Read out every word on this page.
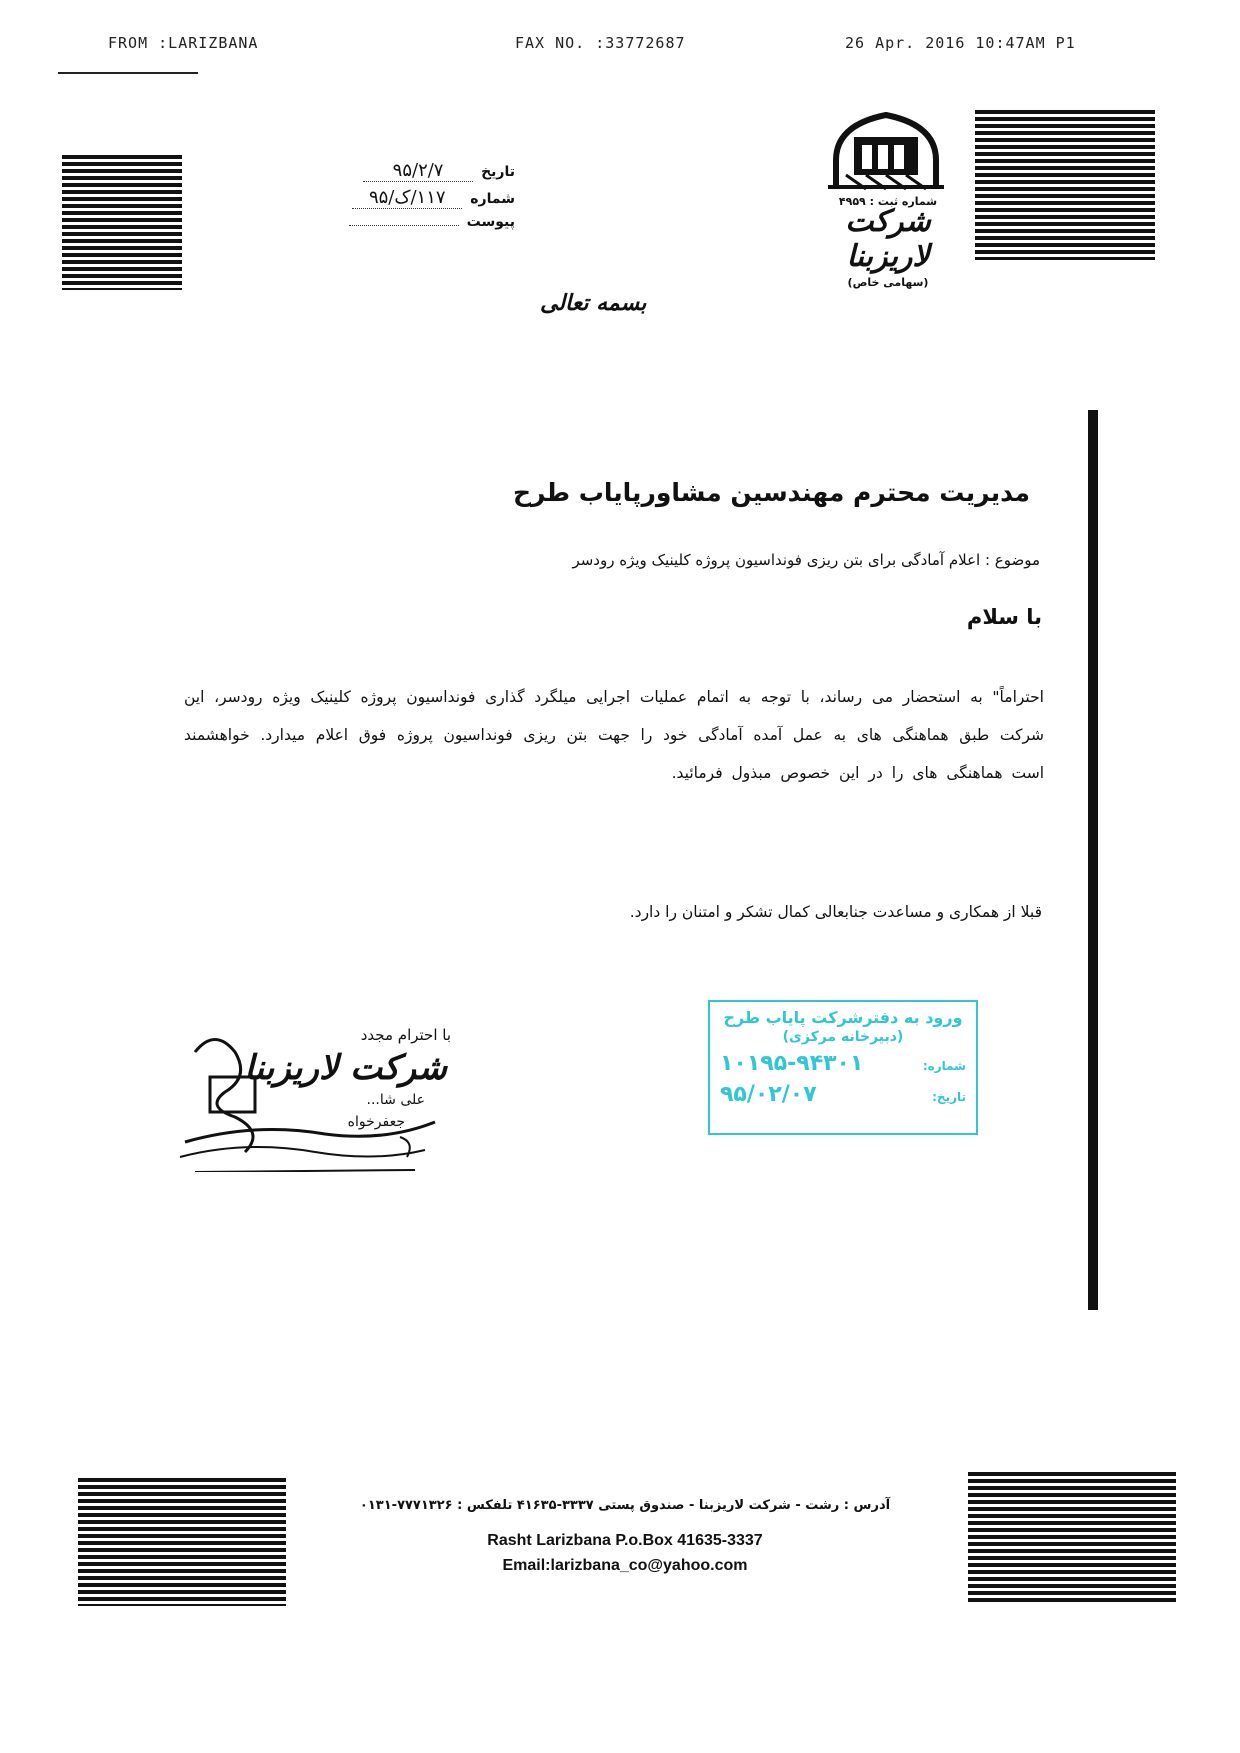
FROM :LARIZBANA	FAX NO. :33772687	26 Apr. 2016 10:47AM P1
تاریخ
۹۵/۲/۷
شماره
۱۱۷/ک/۹۵
پیوست
شماره ثبت : ۴۹۵۹
شرکت لاریزبنا
(سهامی خاص)
بسمه تعالی
مدیریت محترم مهندسین مشاورپایاب طرح
موضوع : اعلام آمادگی برای بتن ریزی فونداسیون پروژه کلینیک ویژه رودسر
با سلام
احتراماً" به استحضار می رساند، با توجه به اتمام عملیات اجرایی میلگرد گذاری فونداسیون پروژه کلینیک ویژه رودسر، این شرکت طبق هماهنگی های به عمل آمده آمادگی خود را جهت بتن ریزی فونداسیون پروژه فوق اعلام میدارد. خواهشمند است هماهنگی های را در این خصوص مبذول فرمائید.
قبلا از همکاری و مساعدت جنابعالی کمال تشکر و امتنان را دارد.
با احترام مجدد
شرکت لاریزبنا
علی شا...
جعفرخواه
ورود به دفترشرکت پایاب طرح
(دبیرخانه مرکزی)
شماره:
۱۰۱۹۵-۹۴۳۰۱
تاریخ:
۹۵/۰۲/۰۷
آدرس : رشت - شرکت لاریزبنا - صندوق پستی ۳۳۳۷-۴۱۶۳۵ تلفکس : ۷۷۷۱۳۲۶-۰۱۳۱
Rasht Larizbana P.o.Box 41635-3337
Email:larizbana_co@yahoo.com
